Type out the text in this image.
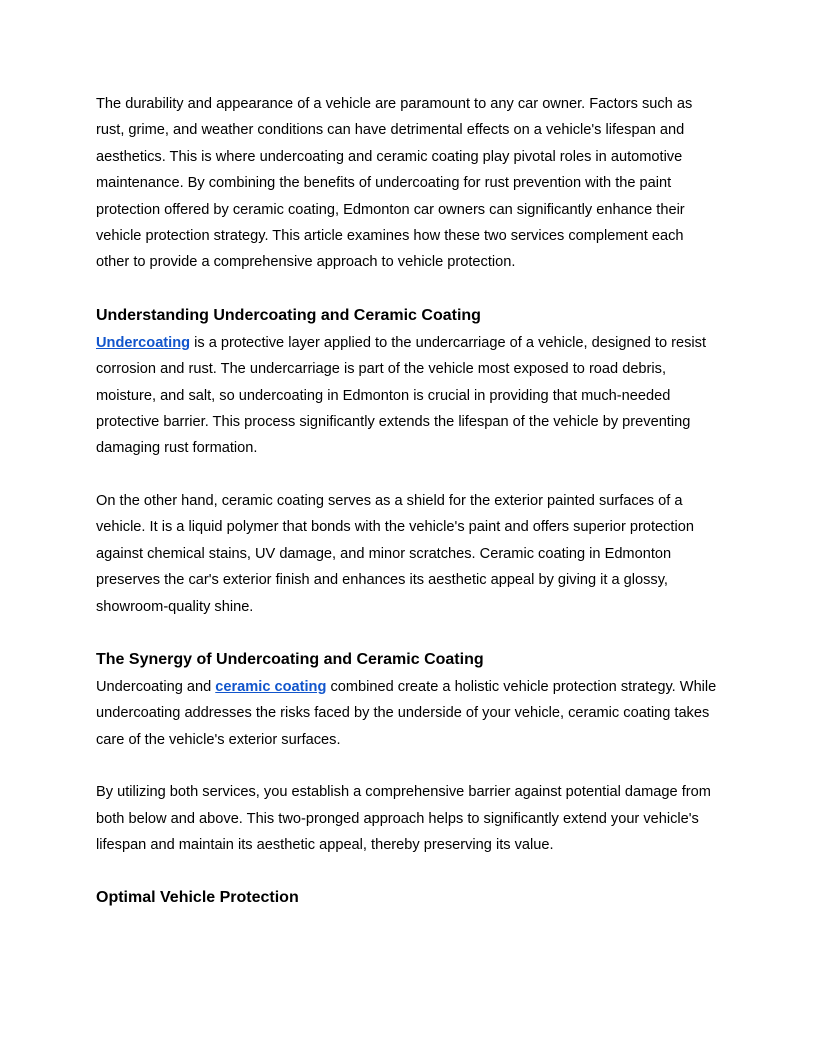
The durability and appearance of a vehicle are paramount to any car owner. Factors such as rust, grime, and weather conditions can have detrimental effects on a vehicle's lifespan and aesthetics. This is where undercoating and ceramic coating play pivotal roles in automotive maintenance. By combining the benefits of undercoating for rust prevention with the paint protection offered by ceramic coating, Edmonton car owners can significantly enhance their vehicle protection strategy. This article examines how these two services complement each other to provide a comprehensive approach to vehicle protection.

Understanding Undercoating and Ceramic Coating

Undercoating is a protective layer applied to the undercarriage of a vehicle, designed to resist corrosion and rust. The undercarriage is part of the vehicle most exposed to road debris, moisture, and salt, so undercoating in Edmonton is crucial in providing that much-needed protective barrier. This process significantly extends the lifespan of the vehicle by preventing damaging rust formation.

On the other hand, ceramic coating serves as a shield for the exterior painted surfaces of a vehicle. It is a liquid polymer that bonds with the vehicle's paint and offers superior protection against chemical stains, UV damage, and minor scratches. Ceramic coating in Edmonton preserves the car's exterior finish and enhances its aesthetic appeal by giving it a glossy, showroom-quality shine.

The Synergy of Undercoating and Ceramic Coating

Undercoating and ceramic coating combined create a holistic vehicle protection strategy. While undercoating addresses the risks faced by the underside of your vehicle, ceramic coating takes care of the vehicle's exterior surfaces.

By utilizing both services, you establish a comprehensive barrier against potential damage from both below and above. This two-pronged approach helps to significantly extend your vehicle's lifespan and maintain its aesthetic appeal, thereby preserving its value.

Optimal Vehicle Protection
